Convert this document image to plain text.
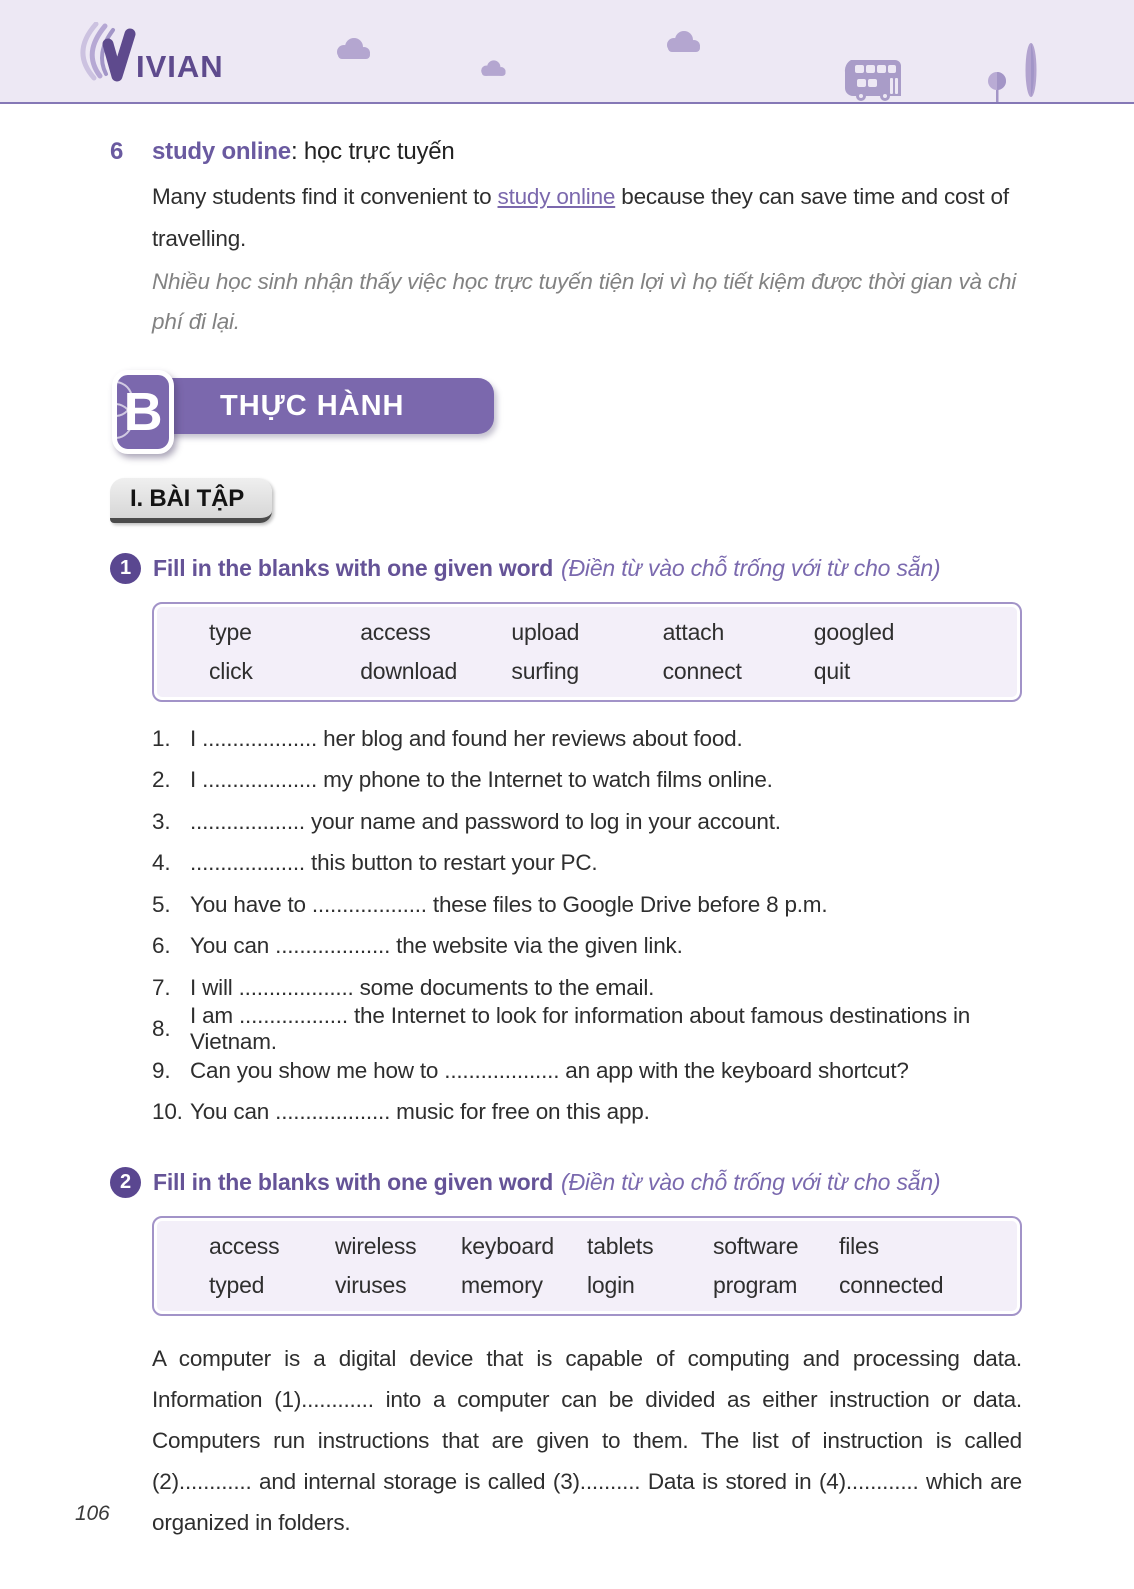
IVIAN
6	study online : học trực tuyến
Many students find it convenient to study online because they can save time and cost of travelling.
Nhiều học sinh nhận thấy việc học trực tuyến tiện lợi vì họ tiết kiệm được thời gian và chi phí đi lại.
THỰC HÀNH
B
I. BÀI TẬP
1 Fill in the blanks with one given word (Điền từ vào chỗ trống với từ cho sẵn)
type	access	upload	attach	googled
click	download	surfing	connect	quit
1. I ................... her blog and found her reviews about food.
2. I ................... my phone to the Internet to watch films online.
3. ................... your name and password to log in your account.
4. ................... this button to restart your PC.
5. You have to ................... these files to Google Drive before 8 p.m.
6. You can ................... the website via the given link.
7. I will ................... some documents to the email.
8.
I am .................. the Internet to look for information about famous destinations in Vietnam.
9. Can you show me how to ................... an app with the keyboard shortcut?
10. You can ................... music for free on this app.
2 Fill in the blanks with one given word (Điền từ vào chỗ trống với từ cho sẵn)
access	wireless	keyboard	tablets	software	files
typed	viruses	memory	login	program	connected
A computer is a digital device that is capable of computing and processing data. Information (1)............ into a computer can be divided as either instruction or data. Computers run instructions that are given to them. The list of instruction is called (2)............ and internal storage is called (3).......... Data is stored in (4)............ which are organized in folders.
106
